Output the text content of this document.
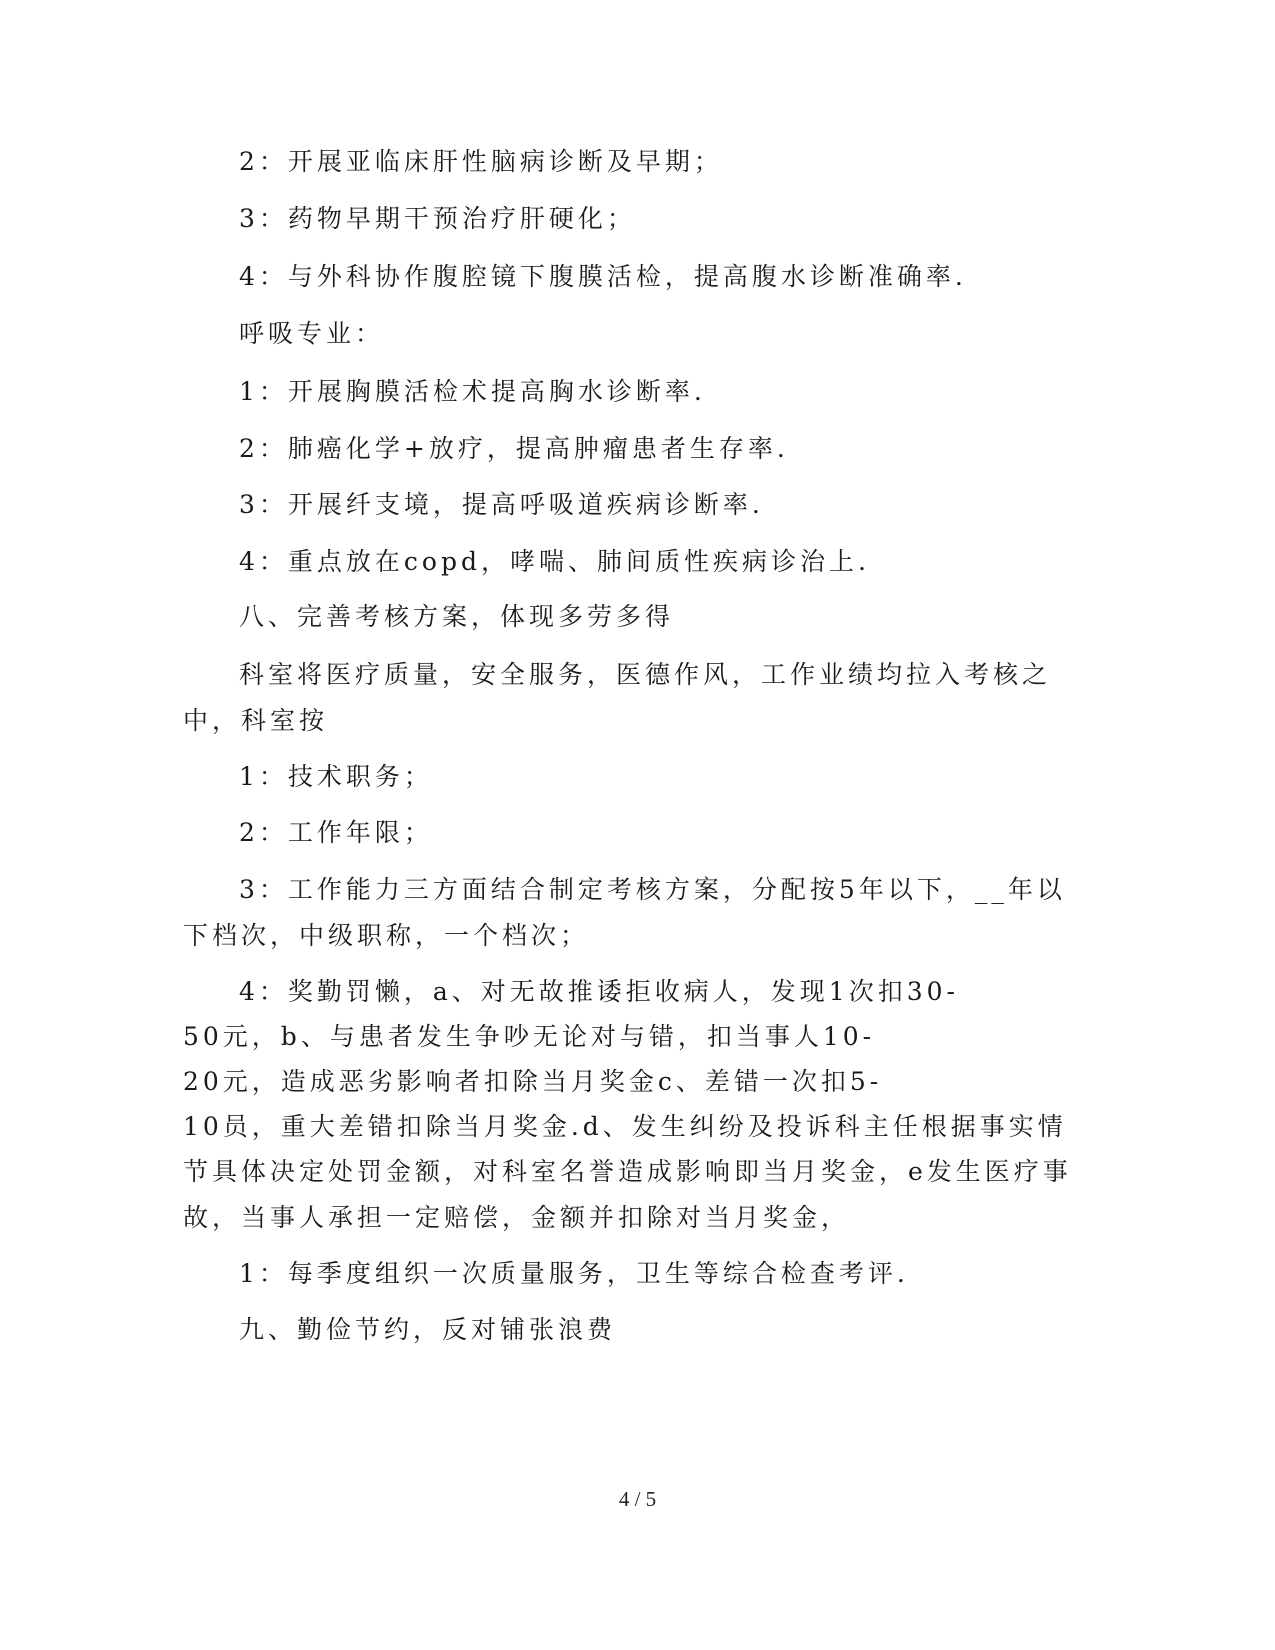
2：开展亚临床肝性脑病诊断及早期；
3：药物早期干预治疗肝硬化；
4：与外科协作腹腔镜下腹膜活检，提高腹水诊断准确率.
呼吸专业：
1：开展胸膜活检术提高胸水诊断率.
2：肺癌化学+放疗，提高肿瘤患者生存率.
3：开展纤支境，提高呼吸道疾病诊断率.
4：重点放在copd，哮喘、肺间质性疾病诊治上.
八、完善考核方案，体现多劳多得
科室将医疗质量，安全服务，医德作风，工作业绩均拉入考核之
中，科室按
1：技术职务；
2：工作年限；
3：工作能力三方面结合制定考核方案，分配按5年以下，__年以
下档次，中级职称，一个档次；
4：奖勤罚懒，a、对无故推诿拒收病人，发现1次扣30-
50元，b、与患者发生争吵无论对与错，扣当事人10-
20元，造成恶劣影响者扣除当月奖金c、差错一次扣5-
10员，重大差错扣除当月奖金.d、发生纠纷及投诉科主任根据事实情
节具体决定处罚金额，对科室名誉造成影响即当月奖金，e发生医疗事
故，当事人承担一定赔偿，金额并扣除对当月奖金，
1：每季度组织一次质量服务，卫生等综合检查考评.
九、勤俭节约，反对铺张浪费
4 / 5
